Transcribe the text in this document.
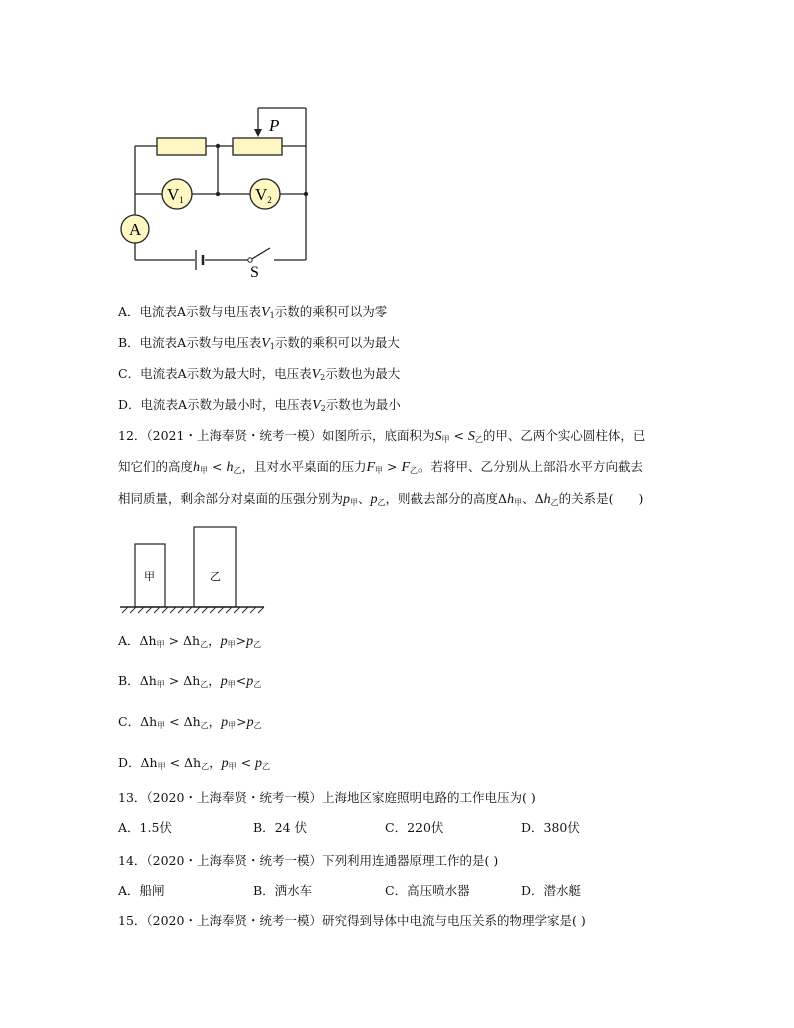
A
V1	V2
P
S
A．电流表A示数与电压表$V_1$示数的乘积可以为零
B．电流表A示数与电压表$V_1$示数的乘积可以为最大
C．电流表A示数为最大时，电压表$V_2$示数也为最大
D．电流表A示数为最小时，电压表$V_2$示数也为最小
12．（2021・上海奉贤・统考一模）如图所示，底面积为$S_甲 < S_乙$的甲、乙两个实心圆柱体，已
知它们的高度$h_甲 < h_乙$，且对水平桌面的压力$F_甲 > F_乙$。若将甲、乙分别从上部沿水平方向截去
相同质量，剩余部分对桌面的压强分别为$p_甲$、$p_乙$，则截去部分的高度$\Delta h_甲$、$\Delta h_乙$的关系是(　　)
甲	乙
A．$\Delta h_甲 > \Delta h_乙$，$p_甲>p_乙$
B．$\Delta h_甲 > \Delta h_乙$，$p_甲<p_乙$
C．$\Delta h_甲 < \Delta h_乙$，$p_甲>p_乙$
D．$\Delta h_甲 < \Delta h_乙$，$p_甲 < p_乙$
13．（2020・上海奉贤・统考一模）上海地区家庭照明电路的工作电压为( )
A．1.5伏	B．24 伏	C．220伏	D．380伏
14．（2020・上海奉贤・统考一模）下列利用连通器原理工作的是( )
A．船闸	B．洒水车	C．高压喷水器	D．潜水艇
15．（2020・上海奉贤・统考一模）研究得到导体中电流与电压关系的物理学家是( )
